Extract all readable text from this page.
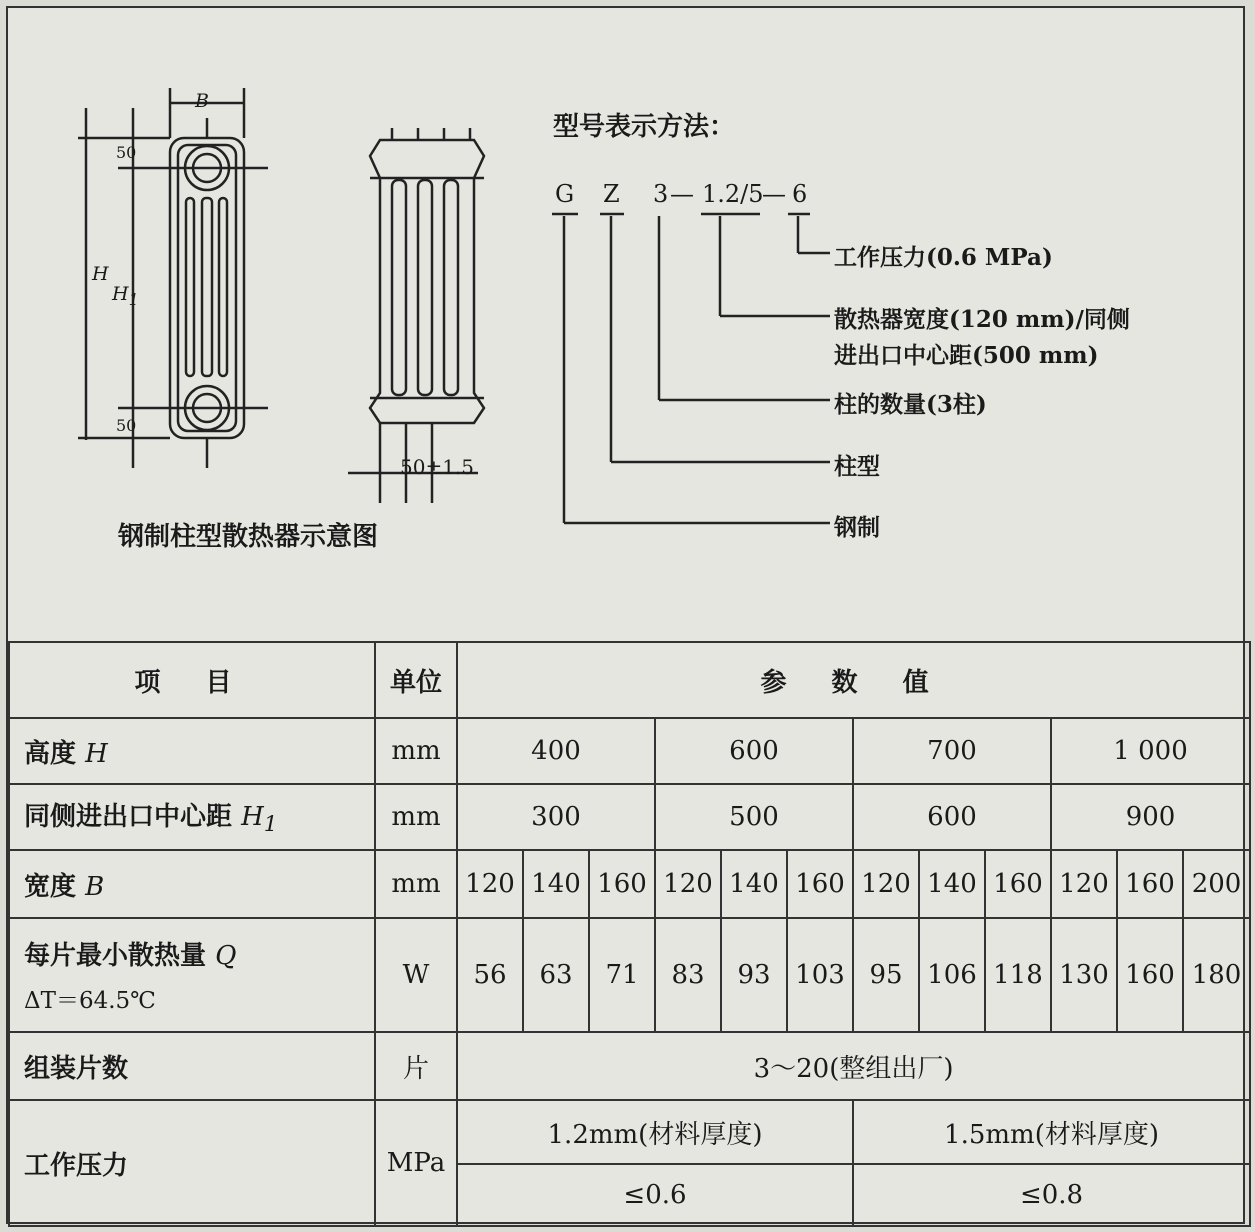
B
H
$H_1$
50
50
50±1.5
钢制柱型散热器示意图
型号表示方法：
G Z 3 — 1.2/5
— 6
工作压力(0.6 MPa)
散热器宽度(120 mm)/同侧
进出口中心距(500 mm)
柱的数量(3柱)
柱型
钢制
项 目	单位	参 数 值											
高度 H	mm	400			600			700			1 000		
同侧进出口中心距 $H_1$	mm	300			500			600			900		
宽度 B	mm	120	140	160	120	140	160	120	140	160	120	160	200

每片最小散热量 Q
ΔT＝64.5℃	W	56	63	71	83	93	103	95	106	118	130	160	180
组装片数	片	3～20(整组出厂)											
工作压力	MPa	1.2mm(材料厚度)						1.5mm(材料厚度)					
		≤0.6						≤0.8					
